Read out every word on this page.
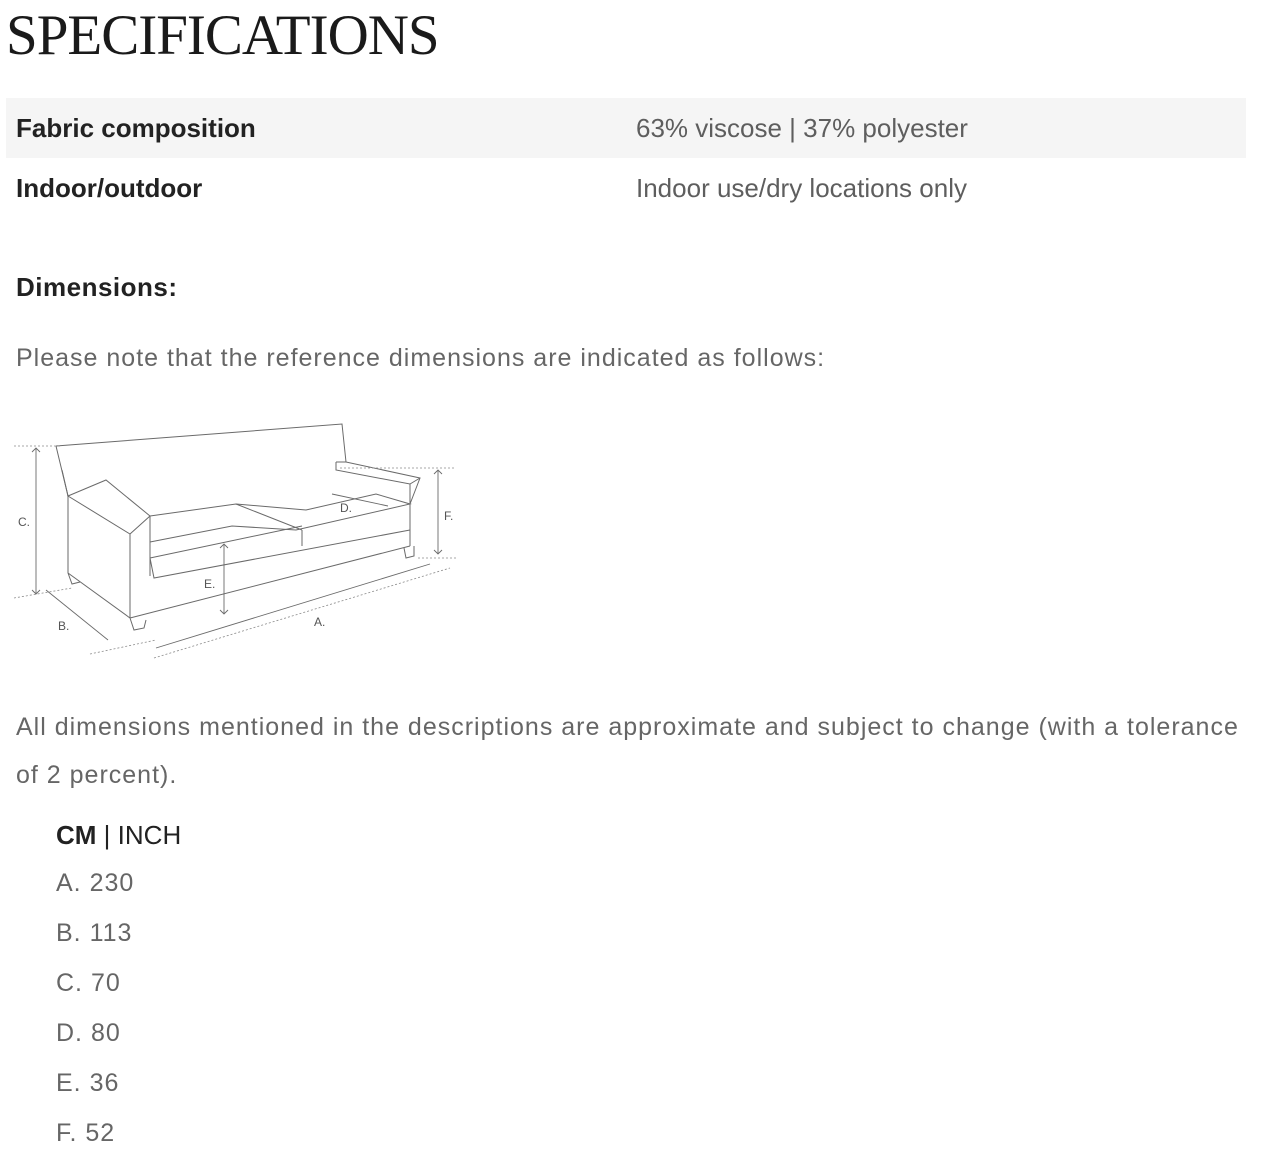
SPECIFICATIONS
Fabric composition	63% viscose | 37% polyester
Indoor/outdoor	Indoor use/dry locations only
Dimensions:

Please note that the reference dimensions are indicated as follows:

A.
B.
C.
D.
E.
F.

All dimensions mentioned in the descriptions are approximate and subject to change (with a tolerance of 2 percent).

CM | INCH
A. 230
B. 113
C. 70
D. 80
E. 36
F. 52
